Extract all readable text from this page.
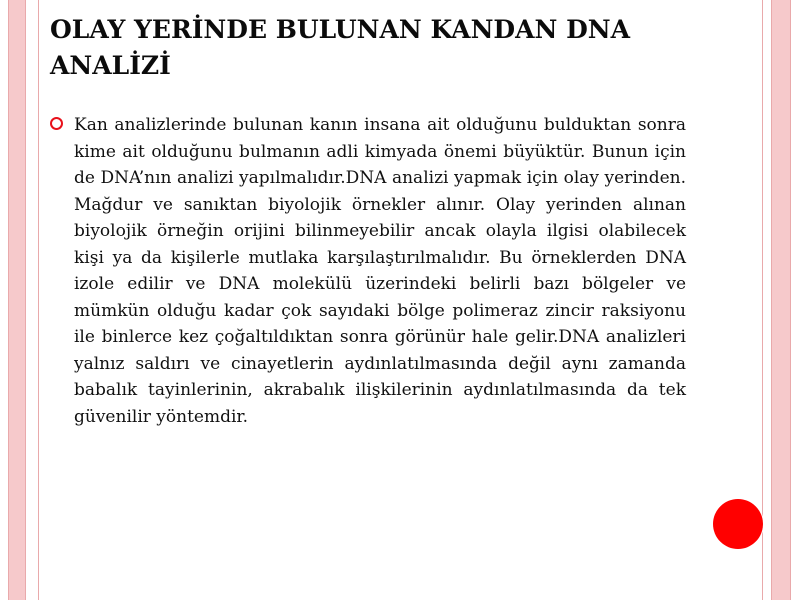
OLAY YERİNDE BULUNAN KANDAN DNA ANALİZİ

Kan analizlerinde bulunan kanın insana ait olduğunu bulduktan sonra kime ait olduğunu bulmanın adli kimyada önemi büyüktür. Bunun için de DNA’nın analizi yapılmalıdır.DNA analizi yapmak için olay yerinden. Mağdur ve sanıktan biyolojik örnekler alınır. Olay yerinden alınan biyolojik örneğin orijini bilinmeyebilir ancak olayla ilgisi olabilecek kişi ya da kişilerle mutlaka karşılaştırılmalıdır. Bu örneklerden DNA izole edilir ve DNA molekülü üzerindeki belirli bazı bölgeler ve mümkün olduğu kadar çok sayıdaki bölge polimeraz zincir raksiyonu ile binlerce kez çoğaltıldıktan sonra görünür hale gelir.DNA analizleri yalnız saldırı ve cinayetlerin aydınlatılmasında değil aynı zamanda babalık tayinlerinin, akrabalık ilişkilerinin aydınlatılmasında da tek güvenilir yöntemdir.
